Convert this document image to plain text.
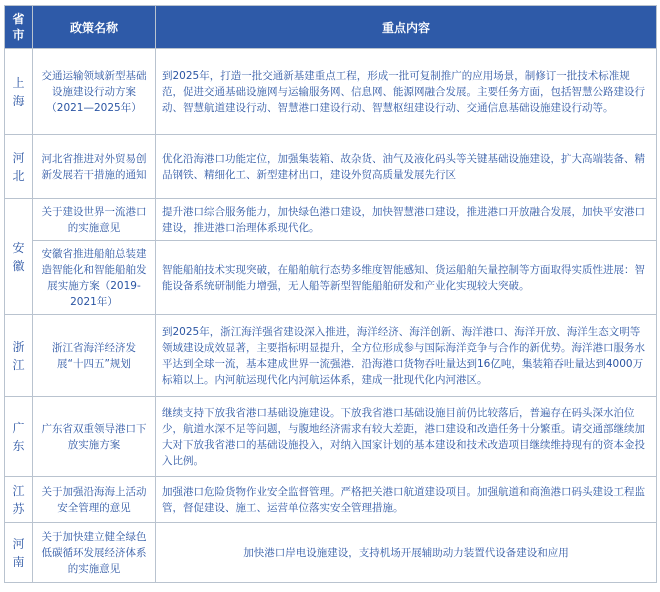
省
市	政策名称	重点内容

上
海	交通运输领域新型基础设施建设行动方案（2021—2025年）	到2025年，打造一批交通新基建重点工程，形成一批可复制推广的应用场景，制修订一批技术标准规范，促进交通基础设施网与运输服务网、信息网、能源网融合发展。主要任务方面，包括智慧公路建设行动、智慧航道建设行动、智慧港口建设行动、智慧枢纽建设行动、交通信息基础设施建设行动等。

河
北	河北省推进对外贸易创新发展若干措施的通知	优化沿海港口功能定位，加强集装箱、故杂货、油气及液化码头等关键基础设施建设，扩大高端装备、精品钢铁、精细化工、新型建材出口，建设外贸高质量发展先行区

安
徽	关于建设世界一流港口的实施意见	提升港口综合服务能力，加快绿色港口建设，加快智慧港口建设，推进港口开放融合发展，加快平安港口建设，推进港口治理体系现代化。
	安徽省推进船舶总装建造智能化和智能船舶发展实施方案（2019-2021年）	智能船舶技术实现突破，在船舶航行态势多维度智能感知、货运船舶矢量控制等方面取得实质性进展：智能设备系统研制能力增强，无人船等新型智能船舶研发和产业化实现较大突破。

浙
江	浙江省海洋经济发展“十四五”规划	到2025年，浙江海洋强省建设深入推进，海洋经济、海洋创新、海洋港口、海洋开放、海洋生态文明等领域建设成效显著，主要指标明显提升，全方位形成参与国际海洋竞争与合作的新优势。海洋港口服务水平达到全球一流，基本建成世界一流强港．沿海港口货物吞吐量达到16亿吨，集装箱吞吐量达到4000万标箱以上。内河航运现代化内河航运体系，建成一批现代化内河港区。

广
东	广东省双重领导港口下放实施方案	继续支持下放我省港口基础设施建设。下放我省港口基础设施目前仍比较落后，普遍存在码头深水泊位少，航道水深不足等问题，与腹地经济需求有较大差距，港口建设和改造任务十分繁重。请交通部继续加大对下放我省港口的基础设施投入，对纳入国家计划的基本建设和技术改造项目继续维持现有的资本金投入比例。

江
苏	关于加强沿海海上活动安全管理的意见	加强港口危险货物作业安全监督管理。严格把关港口航道建设项目。加强航道和商渔港口码头建设工程监管，督促建设、施工、运营单位落实安全管理措施。

河
南	关于加快建立健全绿色低碳循环发展经济体系的实施意见	加快港口岸电设施建设，支持机场开展辅助动力装置代设备建设和应用
